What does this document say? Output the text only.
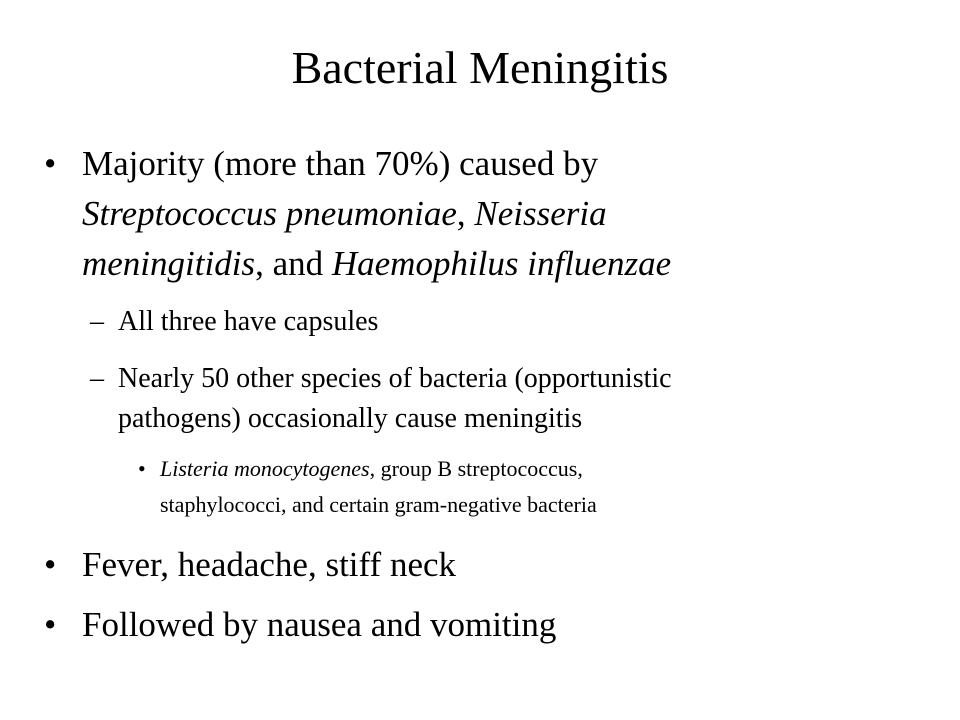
Bacterial Meningitis
• Majority (more than 70%) caused by
Streptococcus pneumoniae, Neisseria
meningitidis, and Haemophilus influenzae
– All three have capsules
– Nearly 50 other species of bacteria (opportunistic
pathogens) occasionally cause meningitis
• Listeria monocytogenes, group B streptococcus,
staphylococci, and certain gram-negative bacteria
• Fever, headache, stiff neck
• Followed by nausea and vomiting
